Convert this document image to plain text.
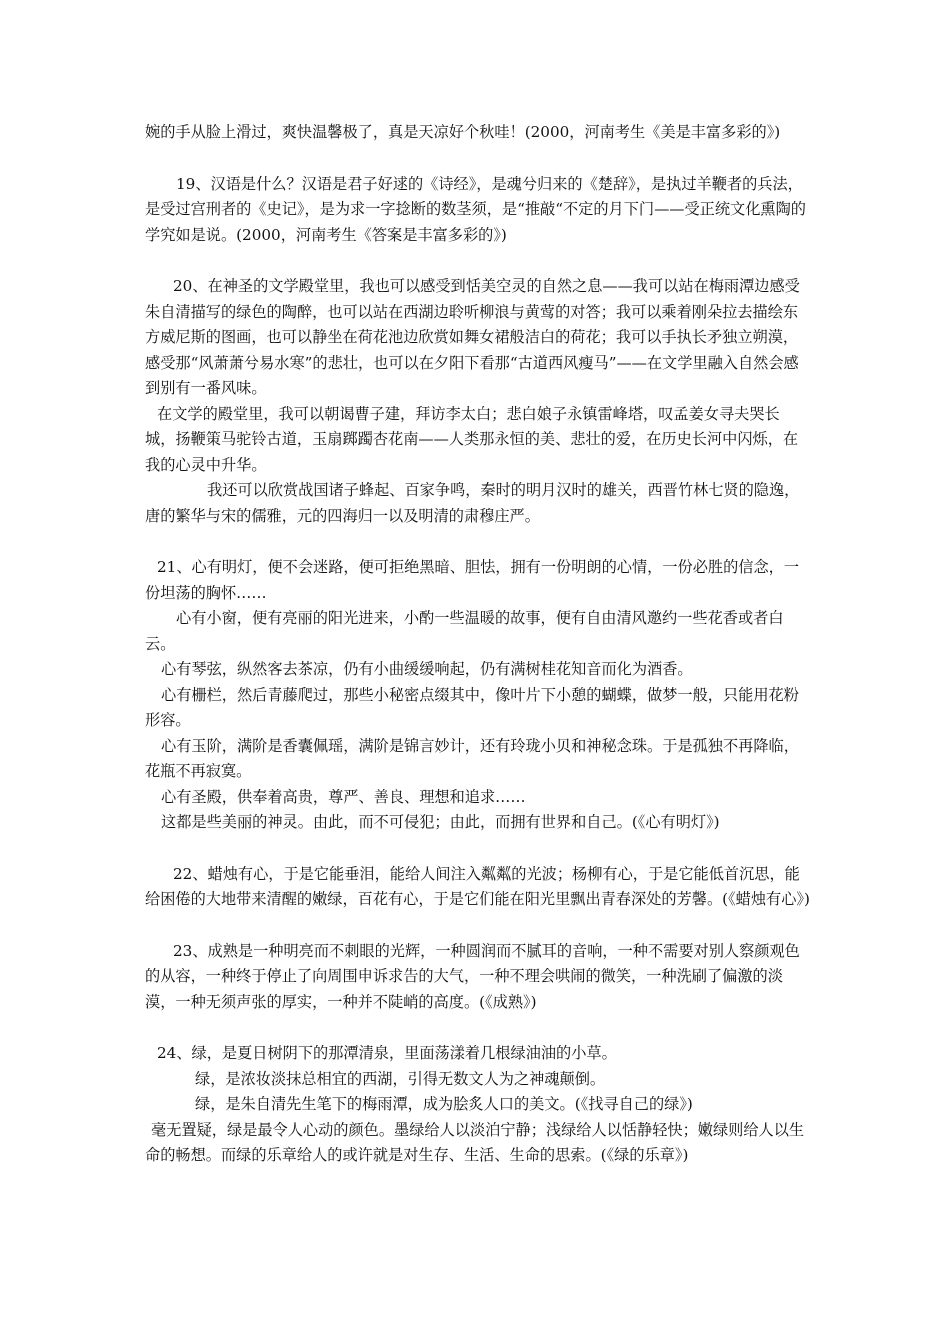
婉的手从脸上滑过，爽快温馨极了，真是天凉好个秋哇！(2000，河南考生《美是丰富多彩的》)

19、汉语是什么？汉语是君子好逑的《诗经》，是魂兮归来的《楚辞》，是执过羊鞭者的兵法，是受过宫刑者的《史记》，是为求一字捻断的数茎须，是“推敲“不定的月下门——受正统文化熏陶的学究如是说。(2000，河南考生《答案是丰富多彩的》)

20、在神圣的文学殿堂里，我也可以感受到恬美空灵的自然之息——我可以站在梅雨潭边感受朱自清描写的绿色的陶醉，也可以站在西湖边聆听柳浪与黄莺的对答；我可以乘着刚朵拉去描绘东方威尼斯的图画，也可以静坐在荷花池边欣赏如舞女裙般洁白的荷花；我可以手执长矛独立朔漠，感受那“风萧萧兮易水寒”的悲壮，也可以在夕阳下看那“古道西风瘦马”——在文学里融入自然会感到别有一番风味。

在文学的殿堂里，我可以朝谒曹子建，拜访李太白；悲白娘子永镇雷峰塔，叹孟姜女寻夫哭长城，扬鞭策马驼铃古道，玉扇踯躅杏花南——人类那永恒的美、悲壮的爱，在历史长河中闪烁，在我的心灵中升华。

我还可以欣赏战国诸子蜂起、百家争鸣，秦时的明月汉时的雄关，西晋竹林七贤的隐逸，唐的繁华与宋的儒雅，元的四海归一以及明清的肃穆庄严。

21、心有明灯，便不会迷路，便可拒绝黑暗、胆怯，拥有一份明朗的心情，一份必胜的信念，一份坦荡的胸怀……

心有小窗，便有亮丽的阳光进来，小酌一些温暖的故事，便有自由清风邀约一些花香或者白云。

心有琴弦，纵然客去茶凉，仍有小曲缓缓响起，仍有满树桂花知音而化为酒香。

心有栅栏，然后青藤爬过，那些小秘密点缀其中，像叶片下小憩的蝴蝶，做梦一般，只能用花粉形容。

心有玉阶，满阶是香囊佩瑶，满阶是锦言妙计，还有玲珑小贝和神秘念珠。于是孤独不再降临，花瓶不再寂寞。

心有圣殿，供奉着高贵，尊严、善良、理想和追求……

这都是些美丽的神灵。由此，而不可侵犯；由此，而拥有世界和自己。(《心有明灯》)

22、蜡烛有心，于是它能垂泪，能给人间注入粼粼的光波；杨柳有心，于是它能低首沉思，能给困倦的大地带来清醒的嫩绿，百花有心，于是它们能在阳光里飘出青春深处的芳馨。(《蜡烛有心》)

23、成熟是一种明亮而不刺眼的光辉，一种圆润而不腻耳的音响，一种不需要对别人察颜观色的从容，一种终于停止了向周围申诉求告的大气，一种不理会哄闹的微笑，一种洗刷了偏激的淡漠，一种无须声张的厚实，一种并不陡峭的高度。(《成熟》)

24、绿，是夏日树阴下的那潭清泉，里面荡漾着几根绿油油的小草。

绿，是浓妆淡抹总相宜的西湖，引得无数文人为之神魂颠倒。

绿，是朱自清先生笔下的梅雨潭，成为脍炙人口的美文。(《找寻自己的绿》)

毫无置疑，绿是最令人心动的颜色。墨绿给人以淡泊宁静；浅绿给人以恬静轻快；嫩绿则给人以生命的畅想。而绿的乐章给人的或许就是对生存、生活、生命的思索。(《绿的乐章》)
